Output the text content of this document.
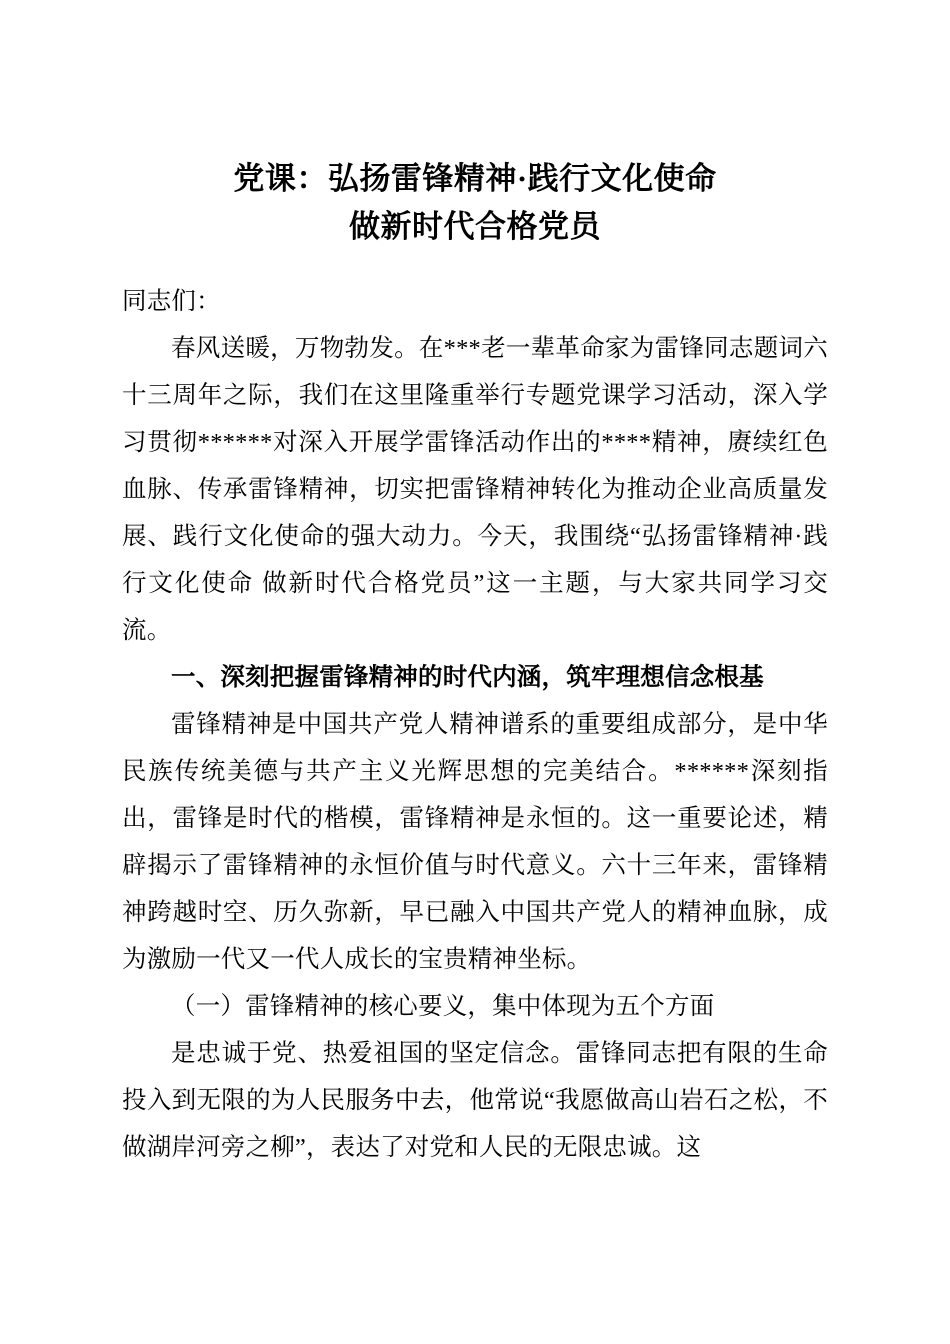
党课：弘扬雷锋精神·践行文化使命
做新时代合格党员
同志们：

春风送暖，万物勃发。在***老一辈革命家为雷锋同志题词六十三周年之际，我们在这里隆重举行专题党课学习活动，深入学习贯彻******对深入开展学雷锋活动作出的****精神，赓续红色血脉、传承雷锋精神，切实把雷锋精神转化为推动企业高质量发展、践行文化使命的强大动力。今天，我围绕“弘扬雷锋精神·践行文化使命 做新时代合格党员”这一主题，与大家共同学习交流。

一、深刻把握雷锋精神的时代内涵，筑牢理想信念根基

雷锋精神是中国共产党人精神谱系的重要组成部分，是中华民族传统美德与共产主义光辉思想的完美结合。******深刻指出，雷锋是时代的楷模，雷锋精神是永恒的。这一重要论述，精辟揭示了雷锋精神的永恒价值与时代意义。六十三年来，雷锋精神跨越时空、历久弥新，早已融入中国共产党人的精神血脉，成为激励一代又一代人成长的宝贵精神坐标。

（一）雷锋精神的核心要义，集中体现为五个方面

是忠诚于党、热爱祖国的坚定信念。雷锋同志把有限的生命投入到无限的为人民服务中去，他常说“我愿做高山岩石之松，不做湖岸河旁之柳”，表达了对党和人民的无限忠诚。这
